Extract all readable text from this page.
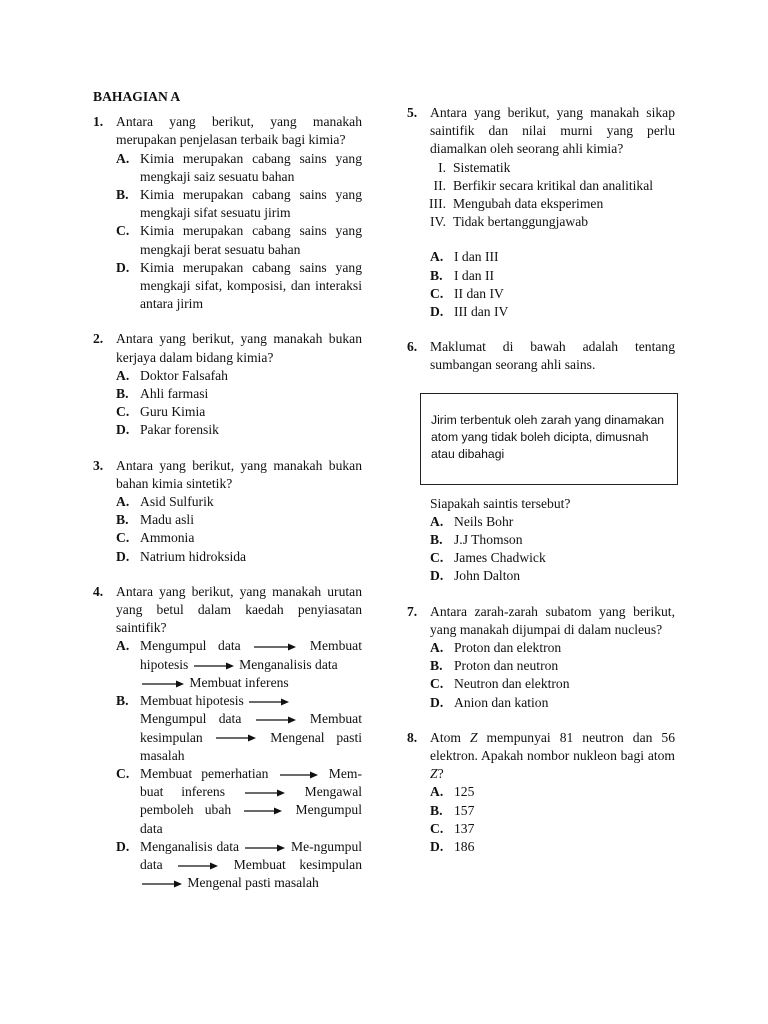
BAHAGIAN A
1. Antara yang berikut, yang manakah merupakan penjelasan terbaik bagi kimia?
A. Kimia merupakan cabang sains yang mengkaji saiz sesuatu bahan
B. Kimia merupakan cabang sains yang mengkaji sifat sesuatu jirim
C. Kimia merupakan cabang sains yang mengkaji berat sesuatu bahan
D. Kimia merupakan cabang sains yang mengkaji sifat, komposisi, dan interaksi antara jirim
2. Antara yang berikut, yang manakah bukan kerjaya dalam bidang kimia?
A. Doktor Falsafah
B. Ahli farmasi
C. Guru Kimia
D. Pakar forensik
3. Antara yang berikut, yang manakah bukan bahan kimia sintetik?
A. Asid Sulfurik
B. Madu asli
C. Ammonia
D. Natrium hidroksida
4. Antara yang berikut, yang manakah urutan yang betul dalam kaedah penyiasatan saintifik?
A. Mengumpul data	Membuat hipotesis	Menganalisis data

Membuat inferens
B. Membuat hipotesis

Mengumpul data	Membuat kesimpulan	Mengenal pasti masalah
C. Membuat pemerhatian	Mem-buat inferens	Mengawal pemboleh ubah	Mengumpul data
D. Menganalisis data	Me-ngumpul data	Membuat kesimpulan
Mengenal pasti masalah
5. Antara yang berikut, yang manakah sikap saintifik dan nilai murni yang perlu diamalkan oleh seorang ahli kimia?
I. Sistematik
II. Berfikir secara kritikal dan analitikal
III. Mengubah data eksperimen
IV. Tidak bertanggungjawab
A. I dan III
B. I dan II
C. II dan IV
D. III dan IV
6. Maklumat di bawah adalah tentang sumbangan seorang ahli sains.
Jirim terbentuk oleh zarah yang dinamakan atom yang tidak boleh dicipta, dimusnah atau dibahagi
Siapakah saintis tersebut?
A. Neils Bohr
B. J.J Thomson
C. James Chadwick
D. John Dalton
7. Antara zarah-zarah subatom yang berikut, yang manakah dijumpai di dalam nucleus?
A. Proton dan elektron
B. Proton dan neutron
C. Neutron dan elektron
D. Anion dan kation
8. Atom Z mempunyai 81 neutron dan 56 elektron. Apakah nombor nukleon bagi atom Z?
A. 125
B. 157
C. 137
D. 186
